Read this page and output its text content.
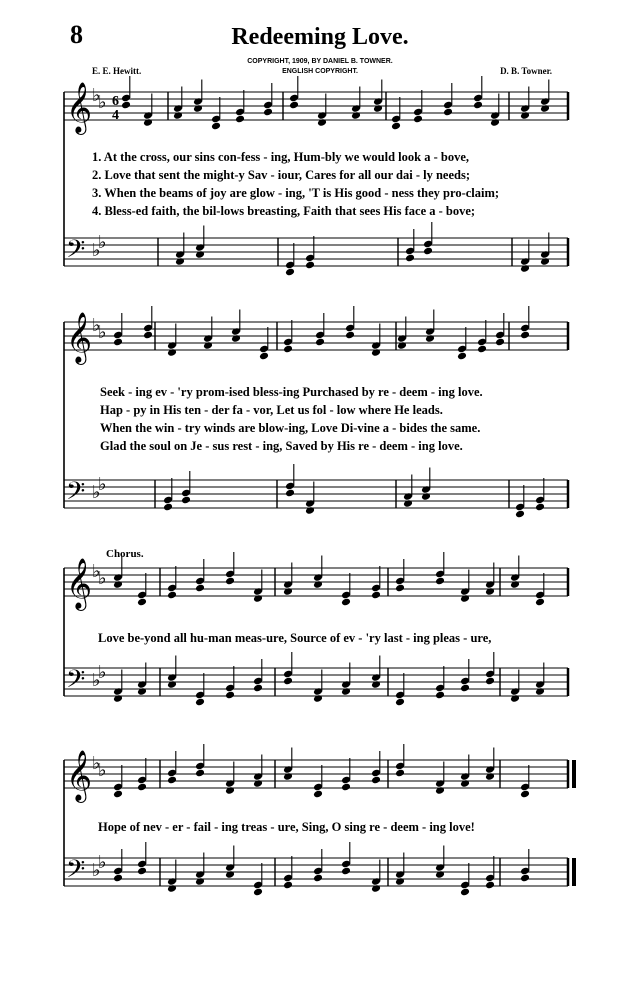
8	Redeeming Love.
E. E. Hewitt.	D. B. Towner.
COPYRIGHT, 1909, BY DANIEL B. TOWNER.
ENGLISH COPYRIGHT.
𝄞 ♭
♭ 6
4
𝄢 ♭
♭
𝄞 ♭
♭
𝄢 ♭
♭
𝄞 ♭
♭
𝄢 ♭
♭
𝄞 ♭
♭
𝄢 ♭
♭
1. At the cross, our sins con-fess - ing, Hum-bly we would look a - bove,
2. Love that sent the might-y Sav - iour, Cares for all our dai - ly needs;
3. When the beams of joy are glow - ing, 'T is His good - ness they pro-claim;
4. Bless-ed faith, the bil-lows breasting, Faith that sees His face a - bove;
Seek - ing ev - 'ry prom-ised bless-ing Purchased by re - deem - ing love.
Hap - py in His ten - der fa - vor, Let us fol - low where He leads.
When the win - try winds are blow-ing, Love Di-vine a - bides the same.
Glad the soul on Je - sus rest - ing, Saved by His re - deem - ing love.
Chorus.
Love be-yond all hu-man meas-ure, Source of ev - 'ry last - ing pleas - ure,
Hope of nev - er - fail - ing treas - ure, Sing, O sing re - deem - ing love!
